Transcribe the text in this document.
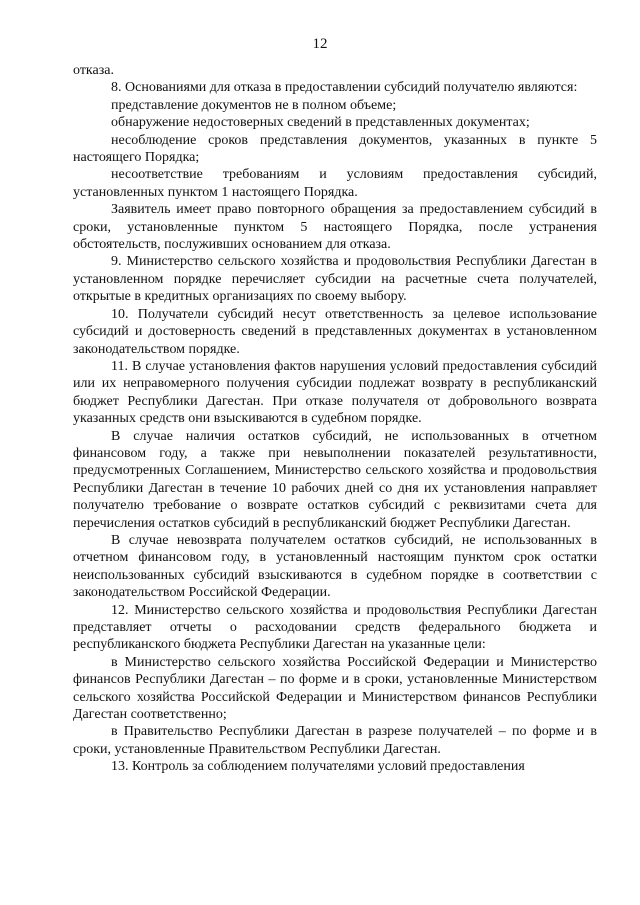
12

отказа.

8. Основаниями для отказа в предоставлении субсидий получателю являются:

представление документов не в полном объеме;

обнаружение недостоверных сведений в представленных документах;

несоблюдение сроков представления документов, указанных в пункте 5 настоящего Порядка;

несоответствие требованиям и условиям предоставления субсидий, установленных пунктом 1 настоящего Порядка.

Заявитель имеет право повторного обращения за предоставлением субсидий в сроки, установленные пунктом 5 настоящего Порядка, после устранения обстоятельств, послуживших основанием для отказа.

9. Министерство сельского хозяйства и продовольствия Республики Дагестан в установленном порядке перечисляет субсидии на расчетные счета получателей, открытые в кредитных организациях по своему выбору.

10. Получатели субсидий несут ответственность за целевое использование субсидий и достоверность сведений в представленных документах в установленном законодательством порядке.

11. В случае установления фактов нарушения условий предоставления субсидий или их неправомерного получения субсидии подлежат возврату в республиканский бюджет Республики Дагестан. При отказе получателя от добровольного возврата указанных средств они взыскиваются в судебном порядке.

В случае наличия остатков субсидий, не использованных в отчетном финансовом году, а также при невыполнении показателей результативности, предусмотренных Соглашением, Министерство сельского хозяйства и продовольствия Республики Дагестан в течение 10 рабочих дней со дня их установления направляет получателю требование о возврате остатков субсидий с реквизитами счета для перечисления остатков субсидий в республиканский бюджет Республики Дагестан.

В случае невозврата получателем остатков субсидий, не использованных в отчетном финансовом году, в установленный настоящим пунктом срок остатки неиспользованных субсидий взыскиваются в судебном порядке в соответствии с законодательством Российской Федерации.

12. Министерство сельского хозяйства и продовольствия Республики Дагестан представляет отчеты о расходовании средств федерального бюджета и республиканского бюджета Республики Дагестан на указанные цели:

в Министерство сельского хозяйства Российской Федерации и Министерство финансов Республики Дагестан – по форме и в сроки, установленные Министерством сельского хозяйства Российской Федерации и Министерством финансов Республики Дагестан соответственно;

в Правительство Республики Дагестан в разрезе получателей – по форме и в сроки, установленные Правительством Республики Дагестан.

13. Контроль за соблюдением получателями условий предоставления
